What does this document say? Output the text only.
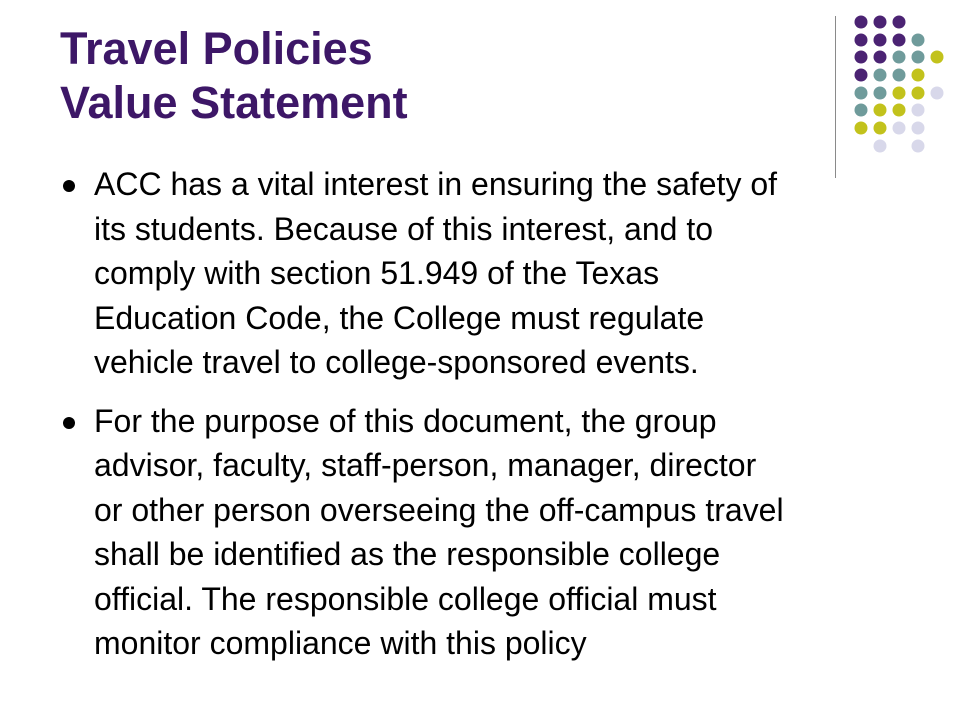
Travel Policies
Value Statement
ACC has a vital interest in ensuring the safety of
its students. Because of this interest, and to
comply with section 51.949 of the Texas
Education Code, the College must regulate
vehicle travel to college-sponsored events.
For the purpose of this document, the group
advisor, faculty, staff-person, manager, director
or other person overseeing the off-campus travel
shall be identified as the responsible college
official. The responsible college official must
monitor compliance with this policy
